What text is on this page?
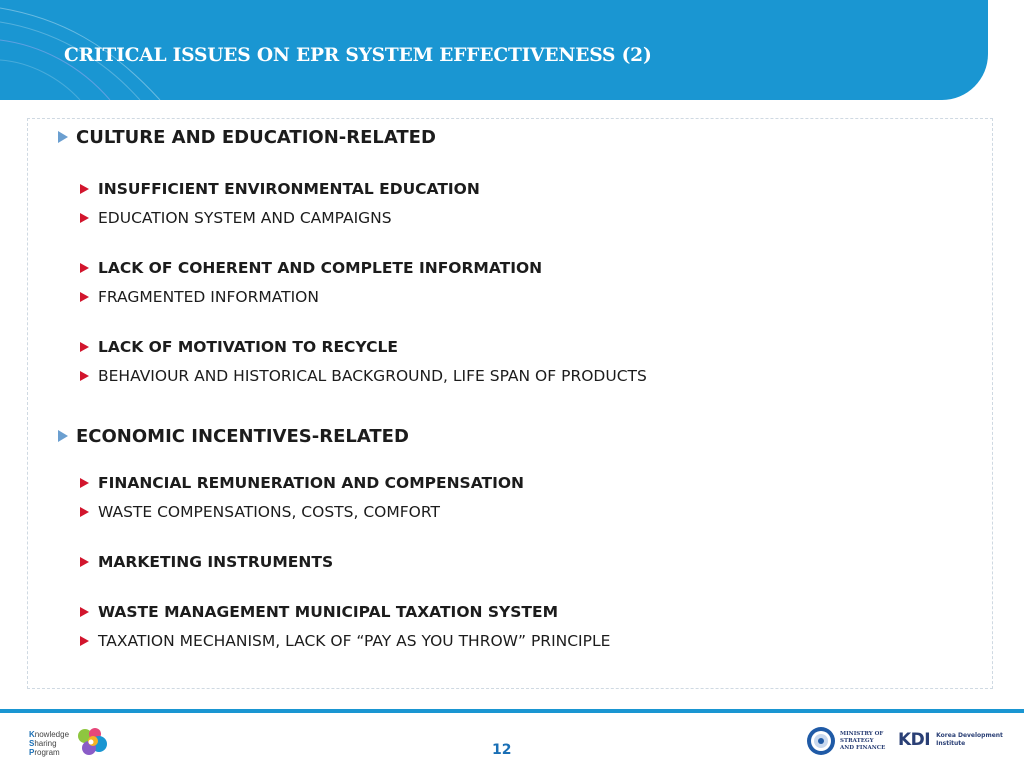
CRITICAL ISSUES ON EPR SYSTEM EFFECTIVENESS (2)
CULTURE AND EDUCATION-RELATED
INSUFFICIENT ENVIRONMENTAL EDUCATION
EDUCATION SYSTEM AND CAMPAIGNS
LACK OF COHERENT AND COMPLETE INFORMATION
FRAGMENTED INFORMATION
LACK OF MOTIVATION TO RECYCLE
BEHAVIOUR AND HISTORICAL BACKGROUND, LIFE SPAN OF PRODUCTS
ECONOMIC INCENTIVES-RELATED
FINANCIAL REMUNERATION AND COMPENSATION
WASTE COMPENSATIONS, COSTS, COMFORT
MARKETING INSTRUMENTS
WASTE MANAGEMENT MUNICIPAL TAXATION SYSTEM
TAXATION MECHANISM, LACK OF “PAY AS YOU THROW” PRINCIPLE
Knowledge
Sharing
Program	12
MINISTRY OF
STRATEGY
AND FINANCE KDI Korea Development
Institute
